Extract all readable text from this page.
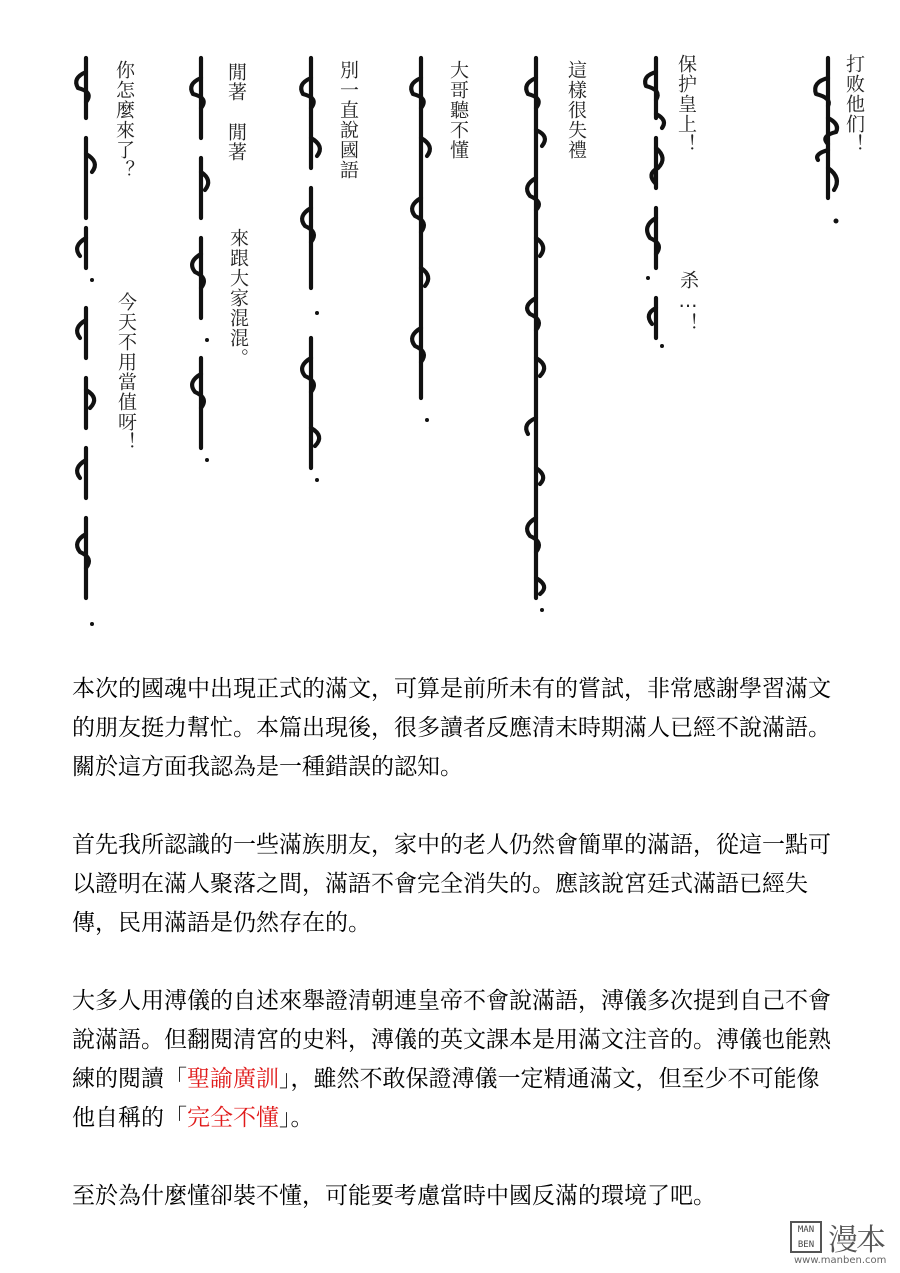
打败他们！
保护皇上！
杀…！
這樣很失禮
大哥聽不懂
別一直說國語
閒著　閒著
來跟大家混混。
你怎麼來了？
今天不用當值呀！

本次的國魂中出現正式的滿文，可算是前所未有的嘗試，非常感謝學習滿文的朋友挺力幫忙。本篇出現後，很多讀者反應清末時期滿人已經不說滿語。關於這方面我認為是一種錯誤的認知。

首先我所認識的一些滿族朋友，家中的老人仍然會簡單的滿語，從這一點可以證明在滿人聚落之間，滿語不會完全消失的。應該說宮廷式滿語已經失傳，民用滿語是仍然存在的。

大多人用溥儀的自述來舉證清朝連皇帝不會說滿語，溥儀多次提到自己不會說滿語。但翻閱清宮的史料，溥儀的英文課本是用滿文注音的。溥儀也能熟練的閱讀「聖諭廣訓」，雖然不敢保證溥儀一定精通滿文，但至少不可能像他自稱的「完全不懂」。

至於為什麼懂卻裝不懂，可能要考慮當時中國反滿的環境了吧。

MAN BEN 漫本
www.manben.com
